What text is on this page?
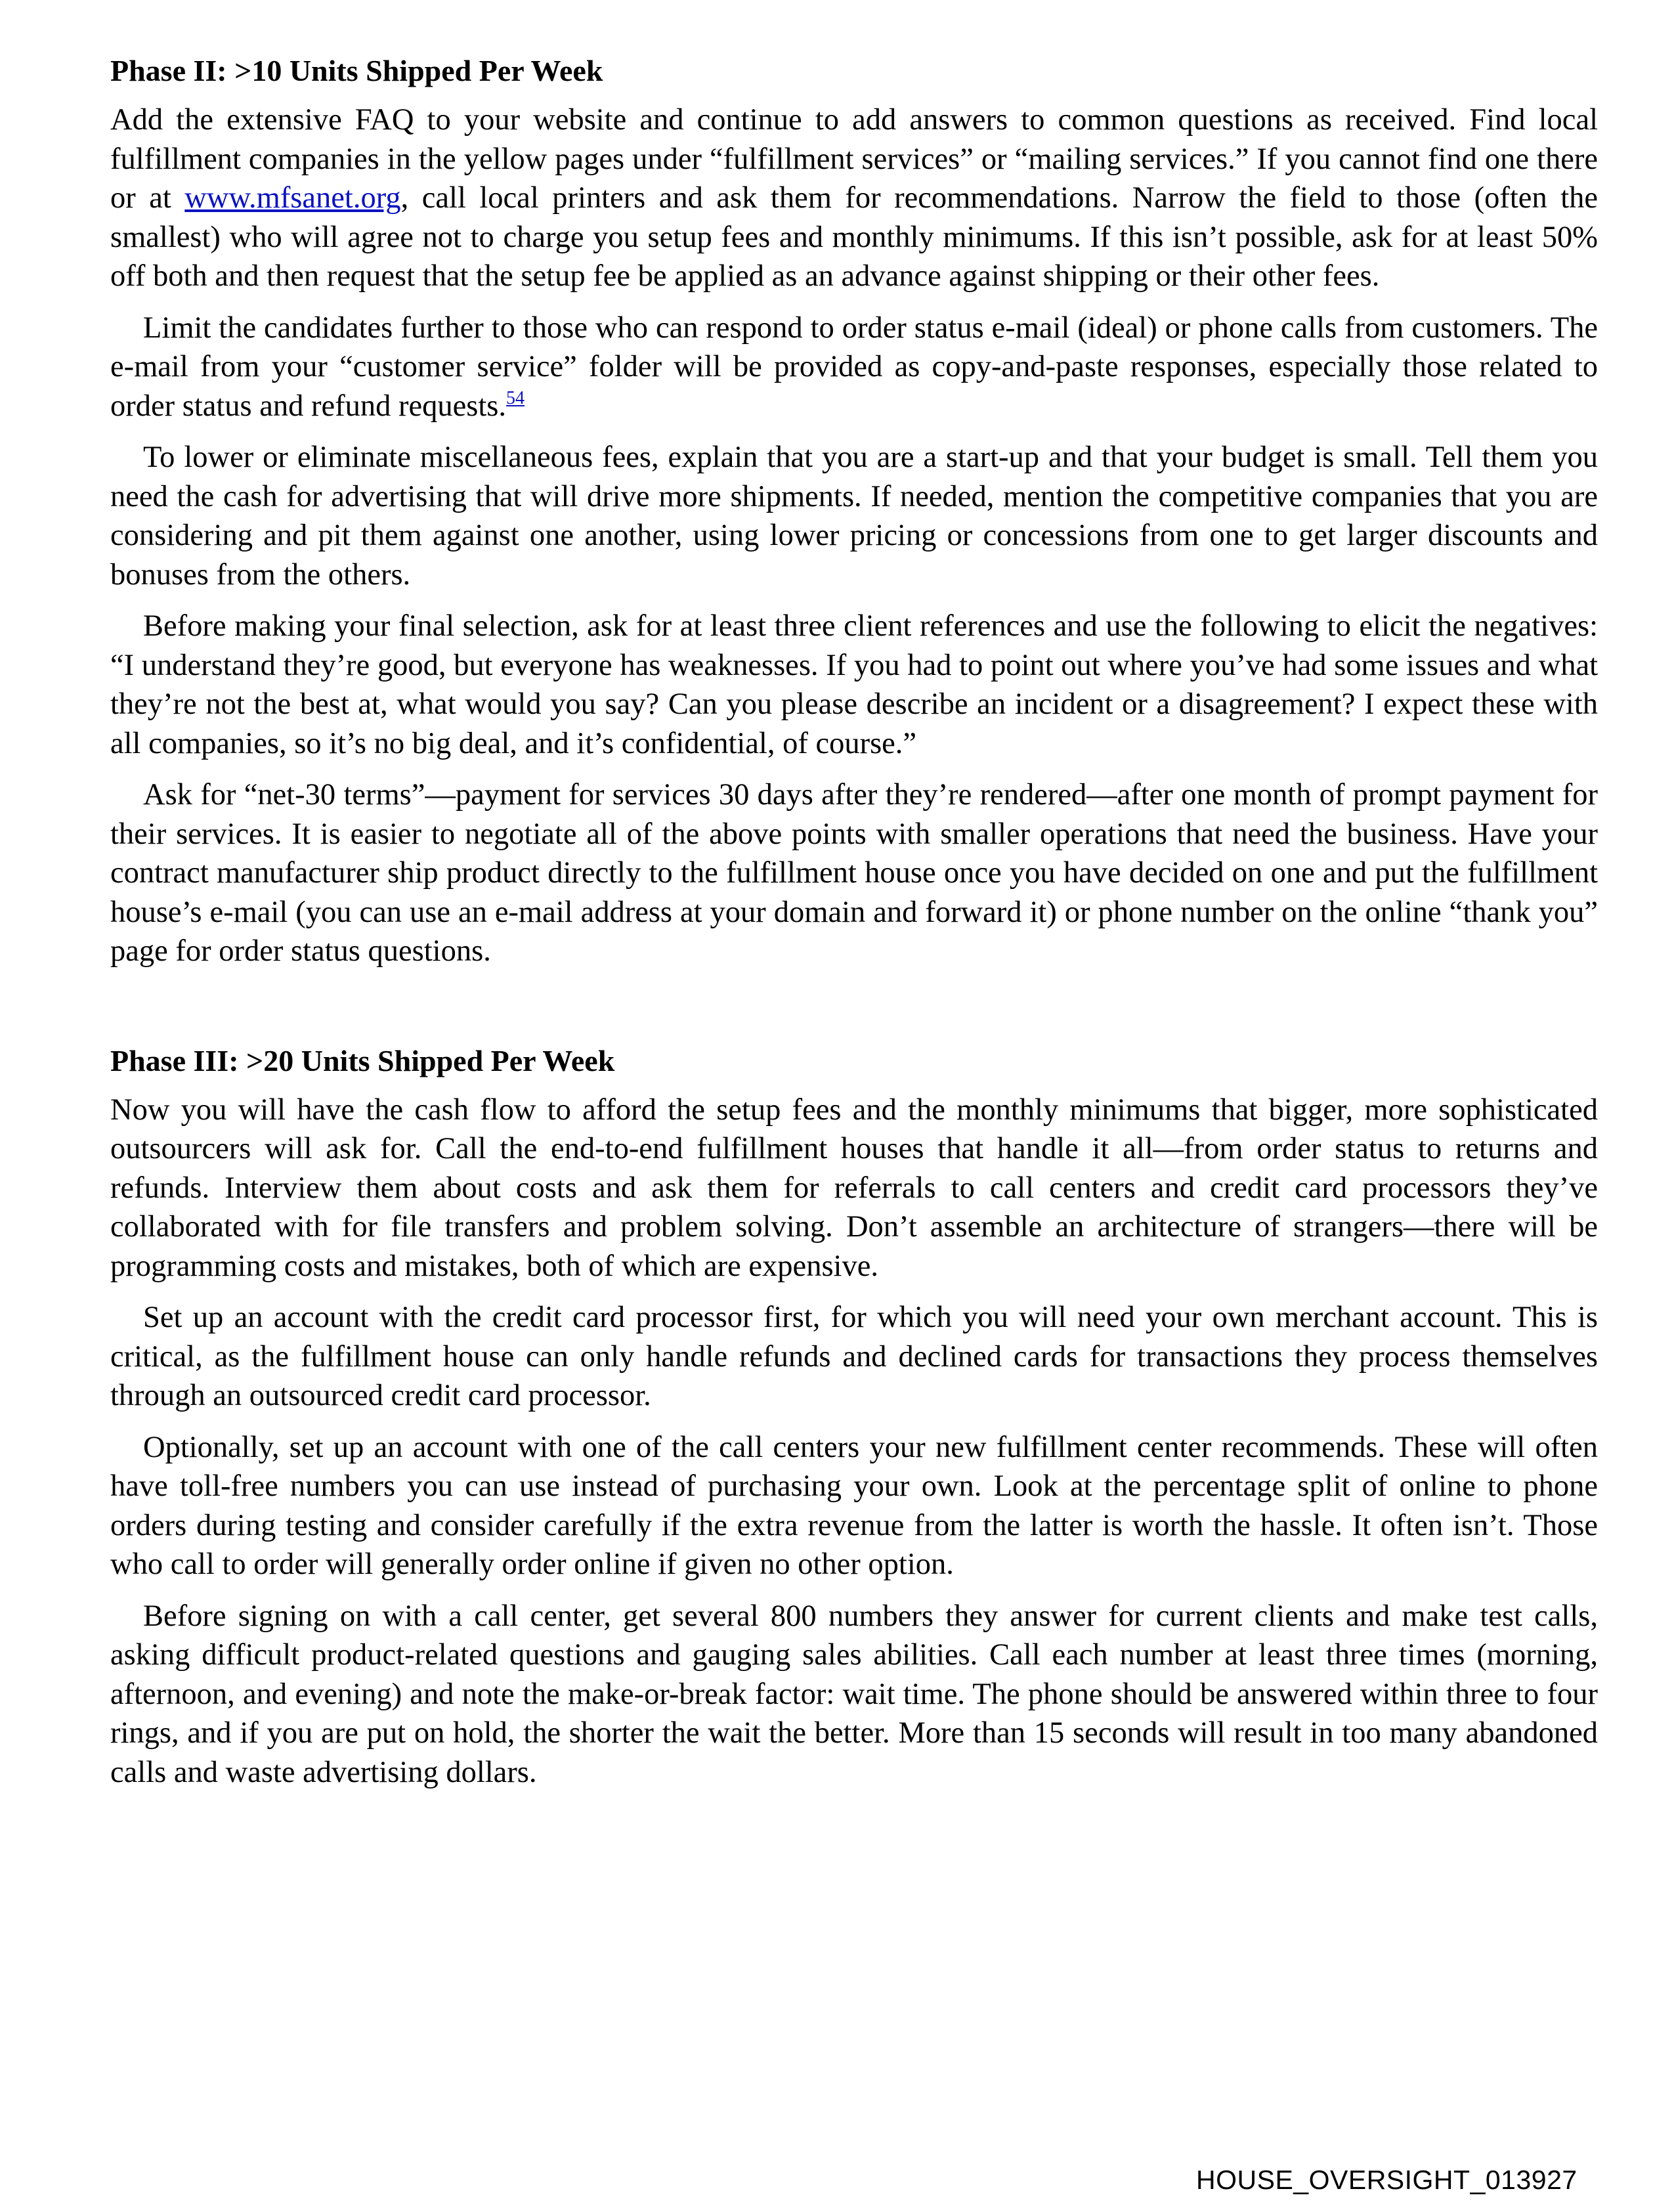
Phase II: >10 Units Shipped Per Week

Add the extensive FAQ to your website and continue to add answers to common questions as received. Find local fulfillment companies in the yellow pages under “fulfillment services” or “mailing services.” If you cannot find one there or at www.mfsanet.org, call local printers and ask them for recommendations. Narrow the field to those (often the smallest) who will agree not to charge you setup fees and monthly minimums. If this isn’t possible, ask for at least 50% off both and then request that the setup fee be applied as an advance against shipping or their other fees.

Limit the candidates further to those who can respond to order status e-mail (ideal) or phone calls from customers. The e-mail from your “customer service” folder will be provided as copy-and-paste responses, especially those related to order status and refund requests.$^{54}$

To lower or eliminate miscellaneous fees, explain that you are a start-up and that your budget is small. Tell them you need the cash for advertising that will drive more shipments. If needed, mention the competitive companies that you are considering and pit them against one another, using lower pricing or concessions from one to get larger discounts and bonuses from the others.

Before making your final selection, ask for at least three client references and use the following to elicit the negatives: “I understand they’re good, but everyone has weaknesses. If you had to point out where you’ve had some issues and what they’re not the best at, what would you say? Can you please describe an incident or a disagreement? I expect these with all companies, so it’s no big deal, and it’s confidential, of course.”

Ask for “net-30 terms”—payment for services 30 days after they’re rendered—after one month of prompt payment for their services. It is easier to negotiate all of the above points with smaller operations that need the business. Have your contract manufacturer ship product directly to the fulfillment house once you have decided on one and put the fulfillment house’s e-mail (you can use an e-mail address at your domain and forward it) or phone number on the online “thank you” page for order status questions.

Phase III: >20 Units Shipped Per Week

Now you will have the cash flow to afford the setup fees and the monthly minimums that bigger, more sophisticated outsourcers will ask for. Call the end-to-end fulfillment houses that handle it all—from order status to returns and refunds. Interview them about costs and ask them for referrals to call centers and credit card processors they’ve collaborated with for file transfers and problem solving. Don’t assemble an architecture of strangers—there will be programming costs and mistakes, both of which are expensive.

Set up an account with the credit card processor first, for which you will need your own merchant account. This is critical, as the fulfillment house can only handle refunds and declined cards for transactions they process themselves through an outsourced credit card processor.

Optionally, set up an account with one of the call centers your new fulfillment center recommends. These will often have toll-free numbers you can use instead of purchasing your own. Look at the percentage split of online to phone orders during testing and consider carefully if the extra revenue from the latter is worth the hassle. It often isn’t. Those who call to order will generally order online if given no other option.

Before signing on with a call center, get several 800 numbers they answer for current clients and make test calls, asking difficult product-related questions and gauging sales abilities. Call each number at least three times (morning, afternoon, and evening) and note the make-or-break factor: wait time. The phone should be answered within three to four rings, and if you are put on hold, the shorter the wait the better. More than 15 seconds will result in too many abandoned calls and waste advertising dollars.

HOUSE_OVERSIGHT_013927
